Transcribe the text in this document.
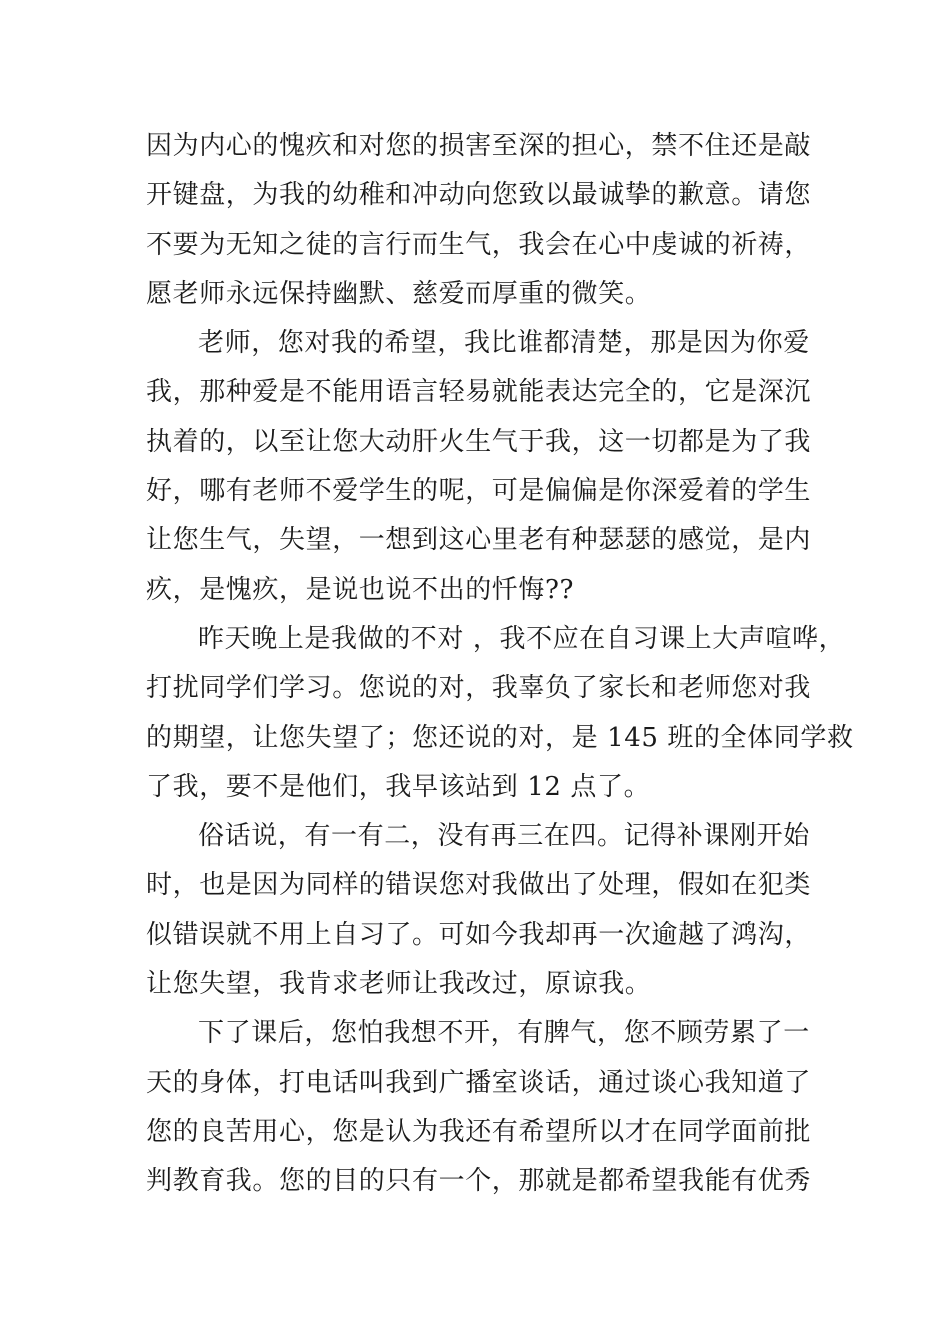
因为内心的愧疚和对您的损害至深的担心，禁不住还是敲
开键盘，为我的幼稚和冲动向您致以最诚挚的歉意。请您
不要为无知之徒的言行而生气，我会在心中虔诚的祈祷，
愿老师永远保持幽默、慈爱而厚重的微笑。
老师，您对我的希望，我比谁都清楚，那是因为你爱
我，那种爱是不能用语言轻易就能表达完全的，它是深沉
执着的，以至让您大动肝火生气于我，这一切都是为了我
好，哪有老师不爱学生的呢，可是偏偏是你深爱着的学生
让您生气，失望，一想到这心里老有种瑟瑟的感觉，是内
疚，是愧疚，是说也说不出的忏悔??
昨天晚上是我做的不对 ，我不应在自习课上大声喧哗，
打扰同学们学习。您说的对，我辜负了家长和老师您对我
的期望，让您失望了；您还说的对，是 145 班的全体同学救
了我，要不是他们，我早该站到 12 点了。
俗话说，有一有二，没有再三在四。记得补课刚开始
时，也是因为同样的错误您对我做出了处理，假如在犯类
似错误就不用上自习了。可如今我却再一次逾越了鸿沟，
让您失望，我肯求老师让我改过，原谅我。
下了课后，您怕我想不开，有脾气，您不顾劳累了一
天的身体，打电话叫我到广播室谈话，通过谈心我知道了
您的良苦用心，您是认为我还有希望所以才在同学面前批
判教育我。您的目的只有一个，那就是都希望我能有优秀
